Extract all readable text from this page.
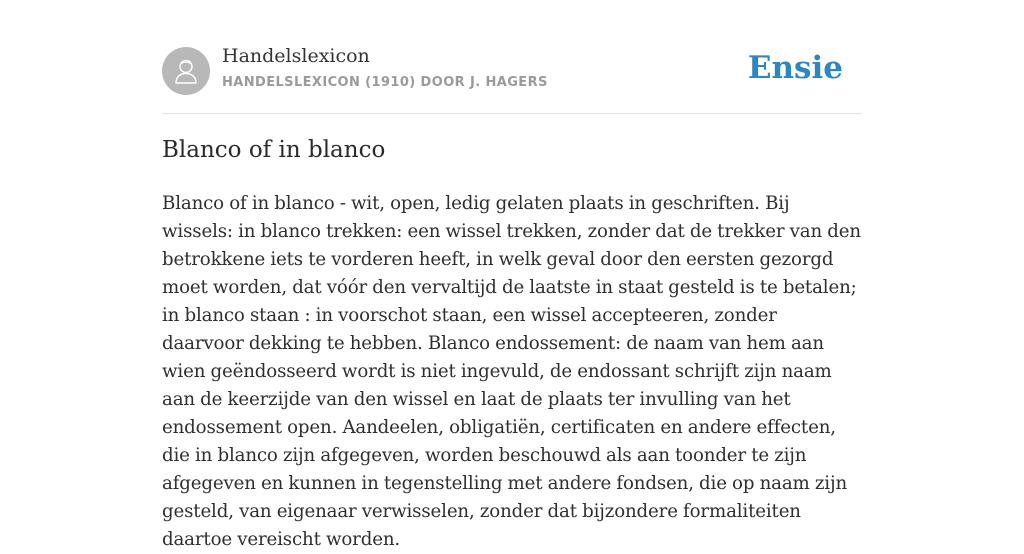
Handelslexicon
HANDELSLEXICON (1910) DOOR J. HAGERS	Ensie
Blanco of in blanco

Blanco of in blanco - wit, open, ledig gelaten plaats in geschriften. Bij wissels: in blanco trekken: een wissel trekken, zonder dat de trekker van den betrokkene iets te vorderen heeft, in welk geval door den eersten gezorgd moet worden, dat vóór den vervaltijd de laatste in staat gesteld is te betalen; in blanco staan : in voorschot staan, een wissel accepteeren, zonder daarvoor dekking te hebben. Blanco endossement: de naam van hem aan wien geëndosseerd wordt is niet ingevuld, de endossant schrijft zijn naam aan de keerzijde van den wissel en laat de plaats ter invulling van het endossement open. Aandeelen, obligatiën, certificaten en andere effecten, die in blanco zijn afgegeven, worden beschouwd als aan toonder te zijn afgegeven en kunnen in tegenstelling met andere fondsen, die op naam zijn gesteld, van eigenaar verwisselen, zonder dat bijzondere formaliteiten daartoe vereischt worden.
